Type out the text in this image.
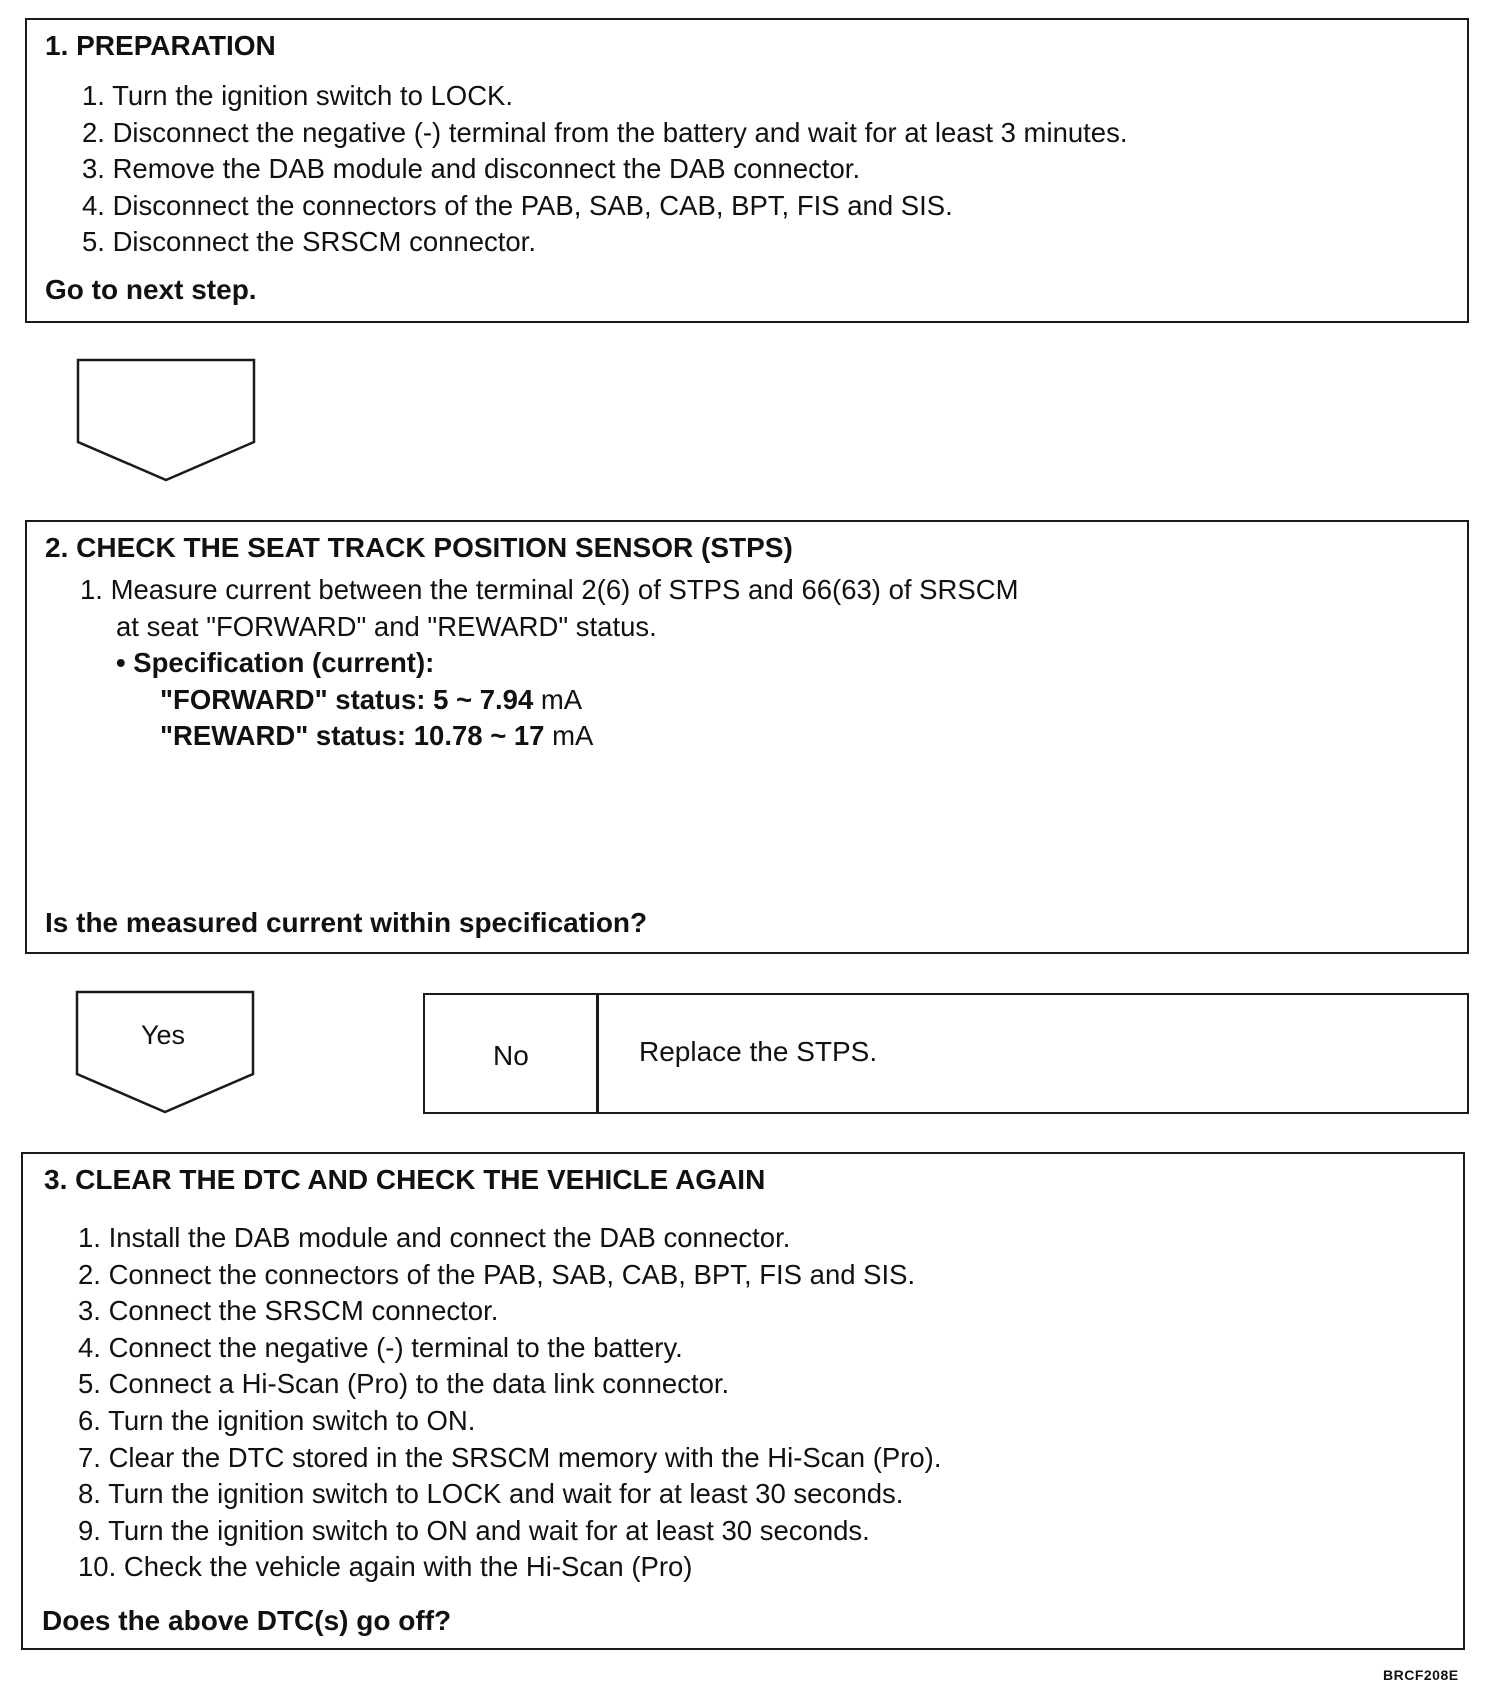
1. PREPARATION
1. Turn the ignition switch to LOCK.
2. Disconnect the negative (-) terminal from the battery and wait for at least 3 minutes.
3. Remove the DAB module and disconnect the DAB connector.
4. Disconnect the connectors of the PAB, SAB, CAB, BPT, FIS and SIS.
5. Disconnect the SRSCM connector.
Go to next step.
2. CHECK THE SEAT TRACK POSITION SENSOR (STPS)
1. Measure current between the terminal 2(6) of STPS and 66(63) of SRSCM
at seat "FORWARD" and "REWARD" status.
• Specification (current):
"FORWARD" status: 5 ~ 7.94 mA
"REWARD" status: 10.78 ~ 17 mA
Is the measured current within specification?
Yes
No	Replace the STPS.
3. CLEAR THE DTC AND CHECK THE VEHICLE AGAIN
1. Install the DAB module and connect the DAB connector.
2. Connect the connectors of the PAB, SAB, CAB, BPT, FIS and SIS.
3. Connect the SRSCM connector.
4. Connect the negative (-) terminal to the battery.
5. Connect a Hi-Scan (Pro) to the data link connector.
6. Turn the ignition switch to ON.
7. Clear the DTC stored in the SRSCM memory with the Hi-Scan (Pro).
8. Turn the ignition switch to LOCK and wait for at least 30 seconds.
9. Turn the ignition switch to ON and wait for at least 30 seconds.
10. Check the vehicle again with the Hi-Scan (Pro)
Does the above DTC(s) go off?
BRCF208E
